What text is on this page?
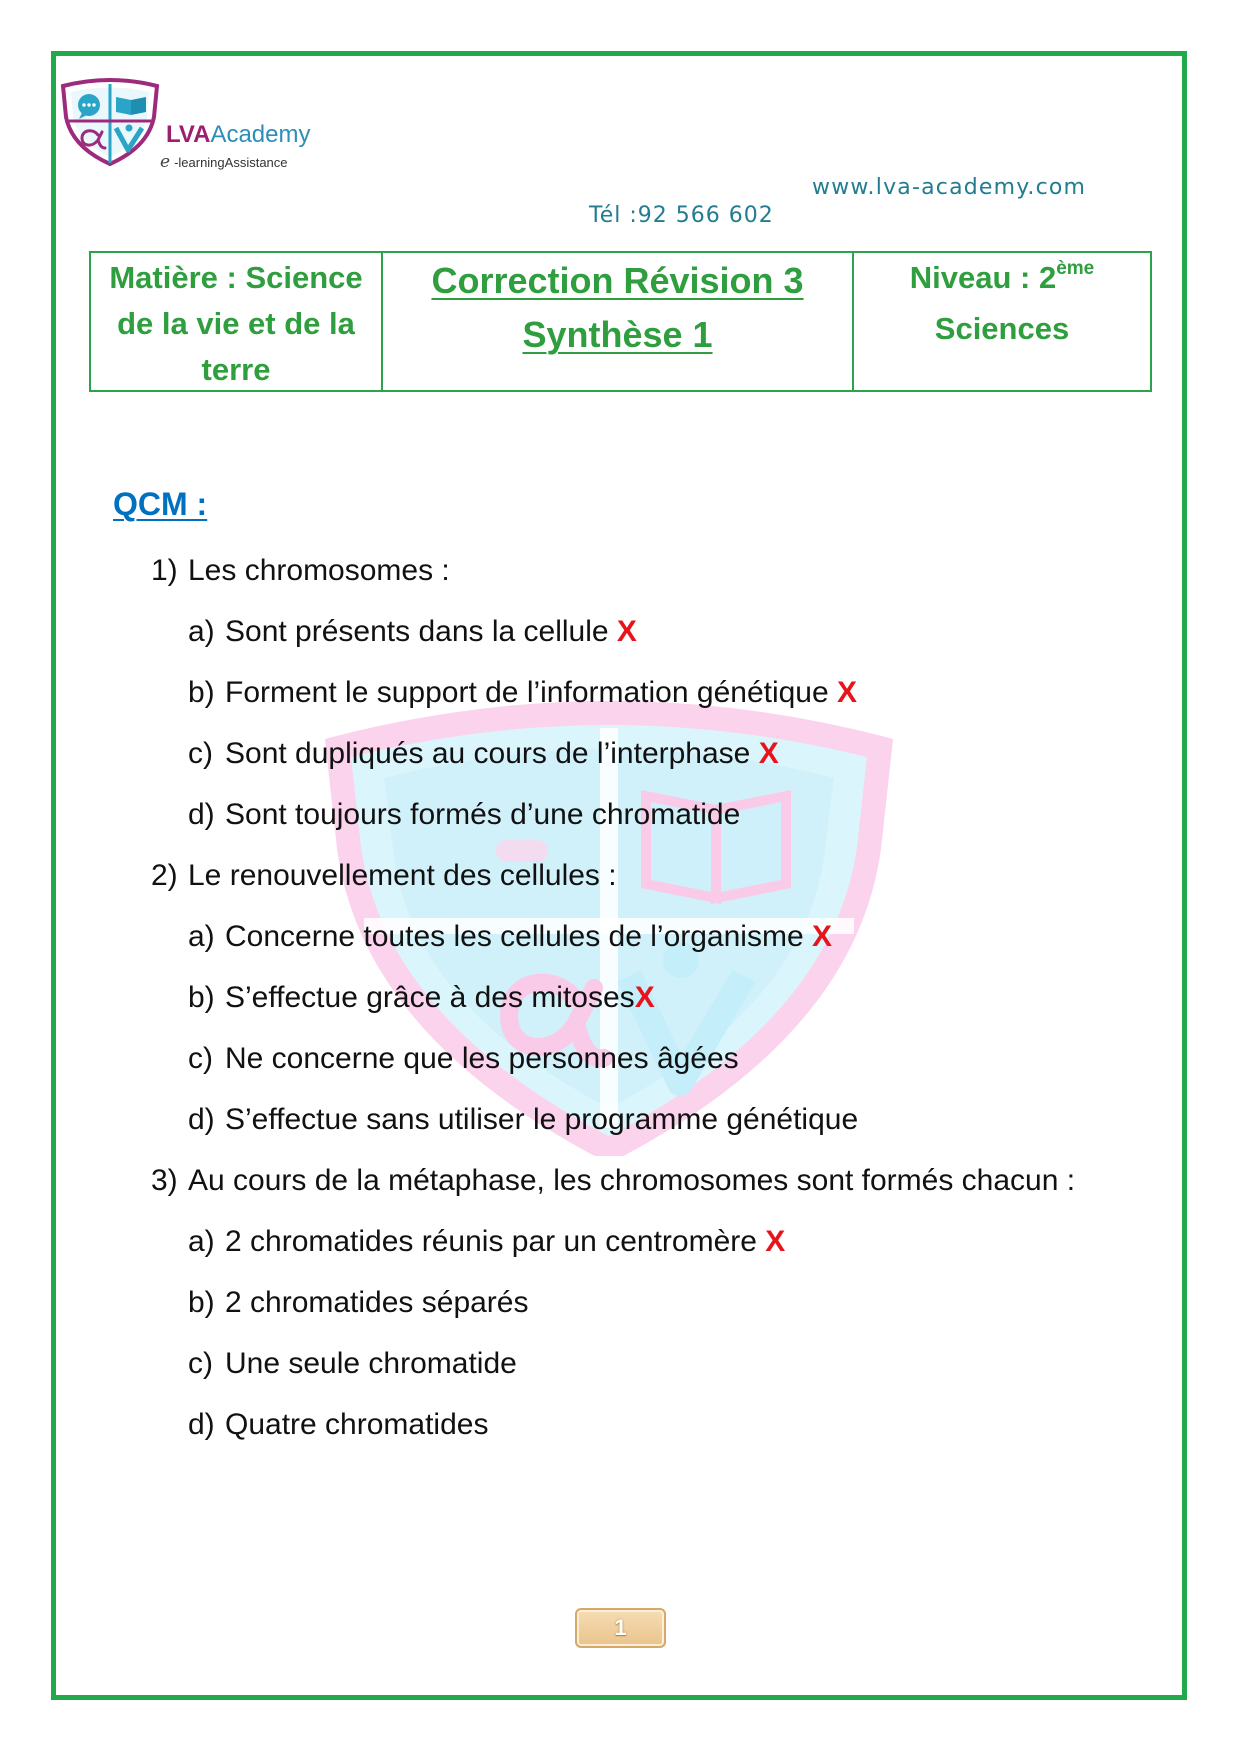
LVAAcademy
e -learningAssistance
www.lva-academy.com
Tél :92 566 602
Matière : Science
de la vie et de la
terre
Correction Révision 3
Synthèse 1
Niveau : 2ème
Sciences
QCM :
1) Les chromosomes :
a) Sont présents dans la cellule X
b) Forment le support de l’information génétique X
c) Sont dupliqués au cours de l’interphase X
d) Sont toujours formés d’une chromatide
2) Le renouvellement des cellules :
a) Concerne toutes les cellules de l’organisme X
b) S’effectue grâce à des mitosesX
c) Ne concerne que les personnes âgées
d) S’effectue sans utiliser le programme génétique
3) Au cours de la métaphase, les chromosomes sont formés chacun :
a) 2 chromatides réunis par un centromère X
b) 2 chromatides séparés
c) Une seule chromatide
d) Quatre chromatides
1
